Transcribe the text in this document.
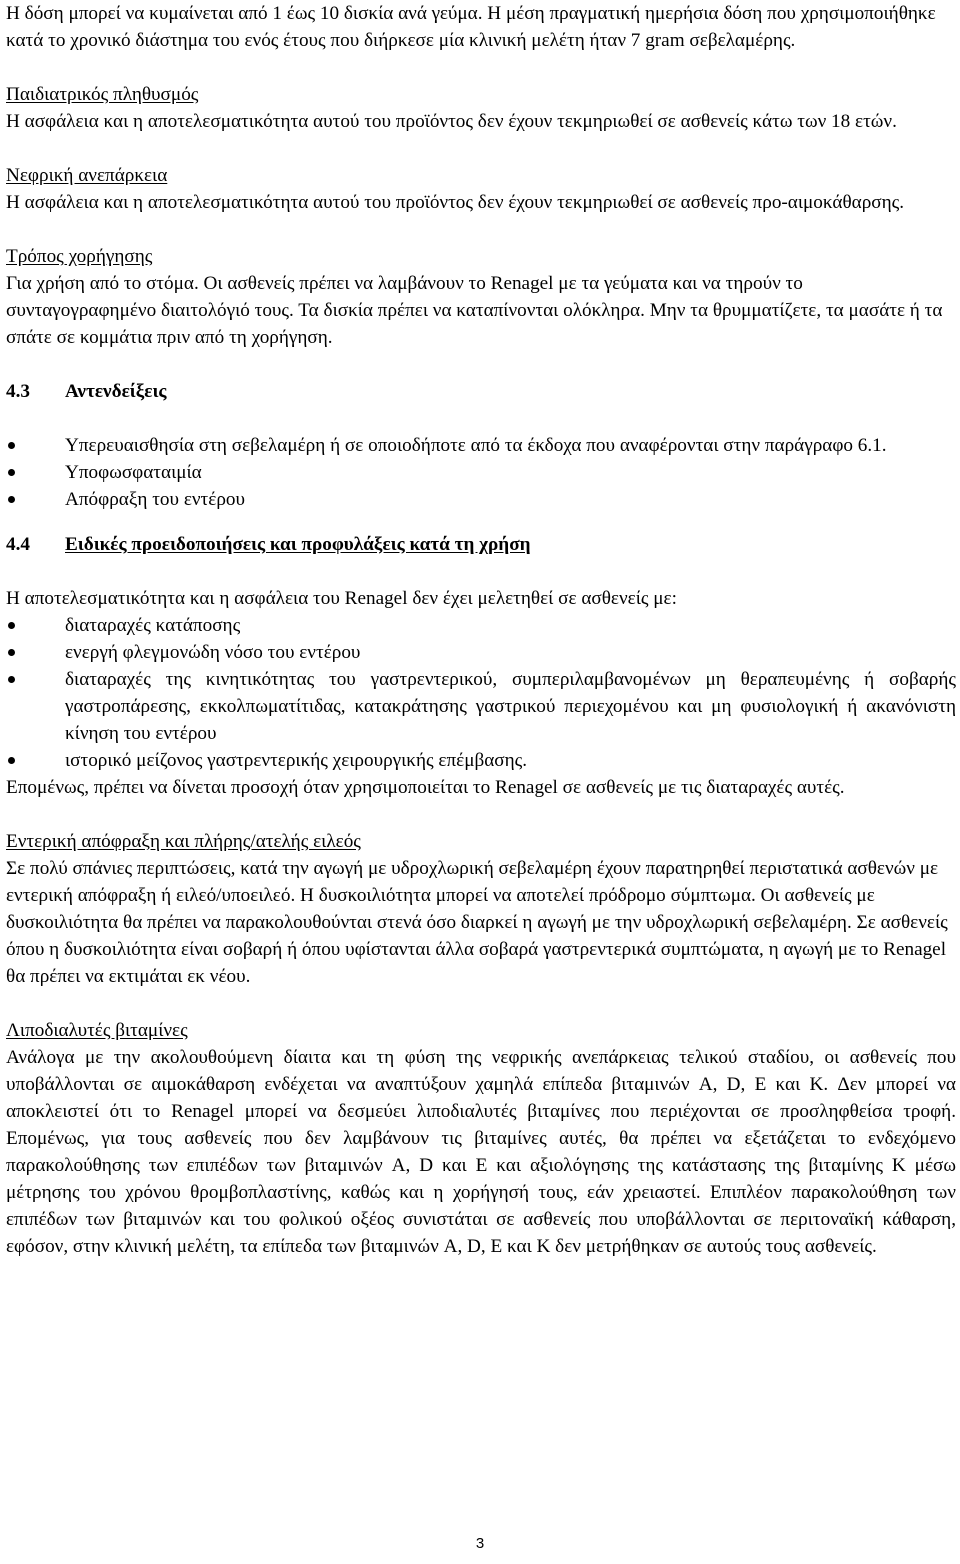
Η δόση μπορεί να κυμαίνεται από 1 έως 10 δισκία ανά γεύμα. Η μέση πραγματική ημερήσια δόση που χρησιμοποιήθηκε κατά το χρονικό διάστημα του ενός έτους που διήρκεσε μία κλινική μελέτη ήταν 7 gram σεβελαμέρης.

Παιδιατρικός πληθυσμός

Η ασφάλεια και η αποτελεσματικότητα αυτού του προϊόντος δεν έχουν τεκμηριωθεί σε ασθενείς κάτω των 18 ετών.

Νεφρική ανεπάρκεια

Η ασφάλεια και η αποτελεσματικότητα αυτού του προϊόντος δεν έχουν τεκμηριωθεί σε ασθενείς προ-αιμοκάθαρσης.

Τρόπος χορήγησης

Για χρήση από το στόμα. Οι ασθενείς πρέπει να λαμβάνουν το Renagel με τα γεύματα και να τηρούν το συνταγογραφημένο διαιτολόγιό τους. Τα δισκία πρέπει να καταπίνονται ολόκληρα. Μην τα θρυμματίζετε, τα μασάτε ή τα σπάτε σε κομμάτια πριν από τη χορήγηση.

4.3	Αντενδείξεις
Υπερευαισθησία στη σεβελαμέρη ή σε οποιοδήποτε από τα έκδοχα που αναφέρονται στην παράγραφο 6.1.
Υποφωσφαταιμία
Απόφραξη του εντέρου
4.4	Ειδικές προειδοποιήσεις και προφυλάξεις κατά τη χρήση

Η αποτελεσματικότητα και η ασφάλεια του Renagel δεν έχει μελετηθεί σε ασθενείς με:

διαταραχές κατάποσης
ενεργή φλεγμονώδη νόσο του εντέρου
διαταραχές της κινητικότητας του γαστρεντερικού, συμπεριλαμβανομένων μη θεραπευμένης ή σοβαρής γαστροπάρεσης, εκκολπωματίτιδας, κατακράτησης γαστρικού περιεχομένου και μη φυσιολογική ή ακανόνιστη κίνηση του εντέρου
ιστορικό μείζονος γαστρεντερικής χειρουργικής επέμβασης.

Επομένως, πρέπει να δίνεται προσοχή όταν χρησιμοποιείται το Renagel σε ασθενείς με τις διαταραχές αυτές.

Εντερική απόφραξη και πλήρης/ατελής ειλεός

Σε πολύ σπάνιες περιπτώσεις, κατά την αγωγή με υδροχλωρική σεβελαμέρη έχουν παρατηρηθεί περιστατικά ασθενών με εντερική απόφραξη ή ειλεό/υποειλεό. Η δυσκοιλιότητα μπορεί να αποτελεί πρόδρομο σύμπτωμα. Οι ασθενείς με δυσκοιλιότητα θα πρέπει να παρακολουθούνται στενά όσο διαρκεί η αγωγή με την υδροχλωρική σεβελαμέρη. Σε ασθενείς όπου η δυσκοιλιότητα είναι σοβαρή ή όπου υφίστανται άλλα σοβαρά γαστρεντερικά συμπτώματα, η αγωγή με το Renagel θα πρέπει να εκτιμάται εκ νέου.

Λιποδιαλυτές βιταμίνες

Ανάλογα με την ακολουθούμενη δίαιτα και τη φύση της νεφρικής ανεπάρκειας τελικού σταδίου, οι ασθενείς που υποβάλλονται σε αιμοκάθαρση ενδέχεται να αναπτύξουν χαμηλά επίπεδα βιταμινών A, D, E και K. Δεν μπορεί να αποκλειστεί ότι το Renagel μπορεί να δεσμεύει λιποδιαλυτές βιταμίνες που περιέχονται σε προσληφθείσα τροφή. Επομένως, για τους ασθενείς που δεν λαμβάνουν τις βιταμίνες αυτές, θα πρέπει να εξετάζεται το ενδεχόμενο παρακολούθησης των επιπέδων των βιταμινών A, D και E και αξιολόγησης της κατάστασης της βιταμίνης Κ μέσω μέτρησης του χρόνου θρομβοπλαστίνης, καθώς και η χορήγησή τους, εάν χρειαστεί. Επιπλέον παρακολούθηση των επιπέδων των βιταμινών και του φολικού οξέος συνιστάται σε ασθενείς που υποβάλλονται σε περιτοναϊκή κάθαρση, εφόσον, στην κλινική μελέτη, τα επίπεδα των βιταμινών A, D, E και K δεν μετρήθηκαν σε αυτούς τους ασθενείς.

3
